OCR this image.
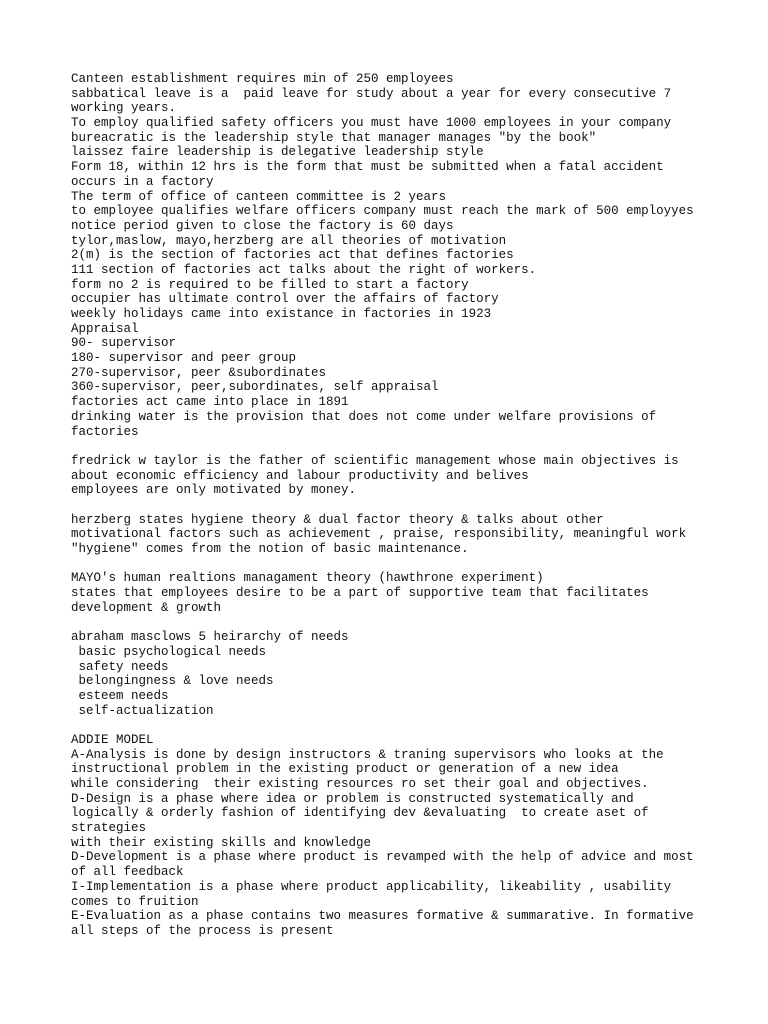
Canteen establishment requires min of 250 employees
sabbatical leave is a  paid leave for study about a year for every consecutive 7
working years.
To employ qualified safety officers you must have 1000 employees in your company
bureacratic is the leadership style that manager manages "by the book"
laissez faire leadership is delegative leadership style
Form 18, within 12 hrs is the form that must be submitted when a fatal accident
occurs in a factory
The term of office of canteen committee is 2 years
to employee qualifies welfare officers company must reach the mark of 500 employyes
notice period given to close the factory is 60 days
tylor,maslow, mayo,herzberg are all theories of motivation
2(m) is the section of factories act that defines factories
111 section of factories act talks about the right of workers.
form no 2 is required to be filled to start a factory
occupier has ultimate control over the affairs of factory
weekly holidays came into existance in factories in 1923
Appraisal
90- supervisor
180- supervisor and peer group
270-supervisor, peer &subordinates
360-supervisor, peer,subordinates, self appraisal
factories act came into place in 1891
drinking water is the provision that does not come under welfare provisions of
factories
fredrick w taylor is the father of scientific management whose main objectives is
about economic efficiency and labour productivity and belives
employees are only motivated by money.
herzberg states hygiene theory & dual factor theory & talks about other
motivational factors such as achievement , praise, responsibility, meaningful work
"hygiene" comes from the notion of basic maintenance.
MAYO's human realtions managament theory (hawthrone experiment)
states that employees desire to be a part of supportive team that facilitates
development & growth
abraham masclows 5 heirarchy of needs
basic psychological needs
safety needs
belongingness & love needs
esteem needs
self-actualization
ADDIE MODEL
A-Analysis is done by design instructors & traning supervisors who looks at the
instructional problem in the existing product or generation of a new idea
while considering  their existing resources ro set their goal and objectives.
D-Design is a phase where idea or problem is constructed systematically and
logically & orderly fashion of identifying dev &evaluating  to create aset of
strategies
with their existing skills and knowledge
D-Development is a phase where product is revamped with the help of advice and most
of all feedback
I-Implementation is a phase where product applicability, likeability , usability
comes to fruition
E-Evaluation as a phase contains two measures formative & summarative. In formative
all steps of the process is present
